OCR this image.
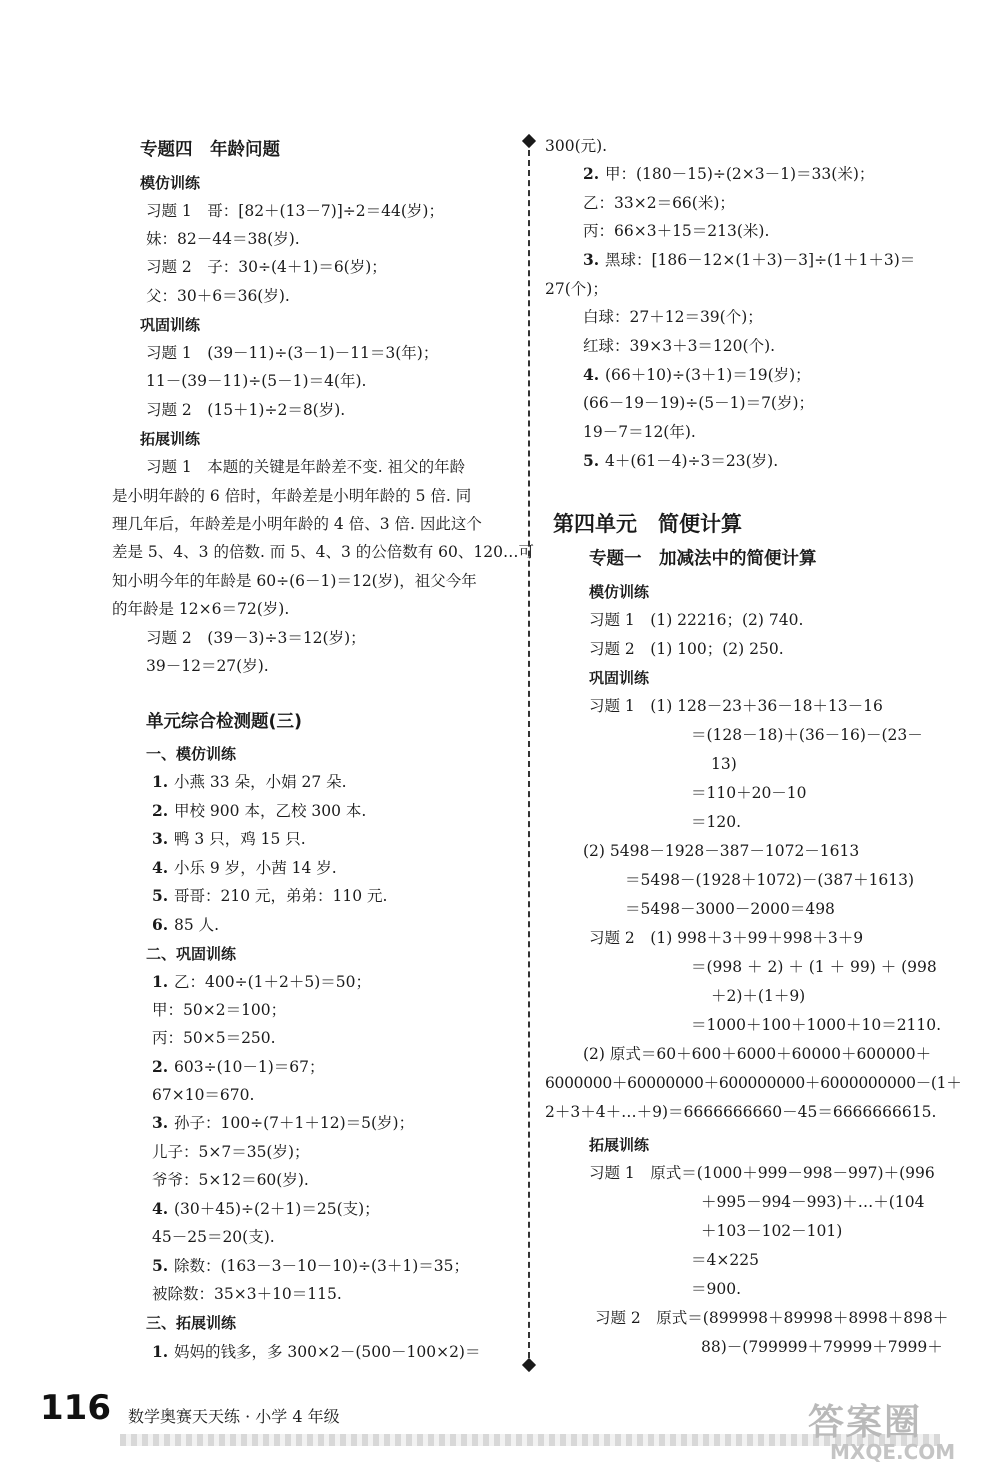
专题四　年龄问题
模仿训练
习题 1　哥：[82＋(13－7)]÷2＝44(岁)；
妹：82－44＝38(岁).
习题 2　子：30÷(4＋1)＝6(岁)；
父：30＋6＝36(岁).
巩固训练
习题 1　(39－11)÷(3－1)－11＝3(年)；
11－(39－11)÷(5－1)＝4(年).
习题 2　(15＋1)÷2＝8(岁).
拓展训练
习题 1　本题的关键是年龄差不变. 祖父的年龄
是小明年龄的 6 倍时，年龄差是小明年龄的 5 倍. 同
理几年后，年龄差是小明年龄的 4 倍、3 倍. 因此这个
差是 5、4、3 的倍数. 而 5、4、3 的公倍数有 60、120…可
知小明今年的年龄是 60÷(6－1)＝12(岁)，祖父今年
的年龄是 12×6＝72(岁).
习题 2　(39－3)÷3＝12(岁)；
39－12＝27(岁).
单元综合检测题(三)
一、模仿训练
1. 小燕 33 朵，小娟 27 朵.
2. 甲校 900 本，乙校 300 本.
3. 鸭 3 只，鸡 15 只.
4. 小乐 9 岁，小茜 14 岁.
5. 哥哥：210 元，弟弟：110 元.
6. 85 人.
二、巩固训练
1. 乙：400÷(1＋2＋5)＝50；
甲：50×2＝100；
丙：50×5＝250.
2. 603÷(10－1)＝67；
67×10＝670.
3. 孙子：100÷(7＋1＋12)＝5(岁)；
儿子：5×7＝35(岁)；
爷爷：5×12＝60(岁).
4. (30＋45)÷(2＋1)＝25(支)；
45－25＝20(支).
5. 除数：(163－3－10－10)÷(3＋1)＝35；
被除数：35×3＋10＝115.
三、拓展训练
1. 妈妈的钱多，多 300×2－(500－100×2)＝
300(元).
2. 甲：(180－15)÷(2×3－1)＝33(米)；
乙：33×2＝66(米)；
丙：66×3＋15＝213(米).
3. 黑球：[186－12×(1＋3)－3]÷(1＋1＋3)＝
27(个)；
白球：27＋12＝39(个)；
红球：39×3＋3＝120(个).
4. (66＋10)÷(3＋1)＝19(岁)；
(66－19－19)÷(5－1)＝7(岁)；
19－7＝12(年).
5. 4＋(61－4)÷3＝23(岁).
第四单元　简便计算
专题一　加减法中的简便计算
模仿训练
习题 1　(1) 22216；(2) 740.
习题 2　(1) 100；(2) 250.
巩固训练
习题 1　(1) 128－23＋36－18＋13－16
＝(128－18)＋(36－16)－(23－
13)
＝110＋20－10
＝120.
(2) 5498－1928－387－1072－1613
＝5498－(1928＋1072)－(387＋1613)
＝5498－3000－2000＝498
习题 2　(1) 998＋3＋99＋998＋3＋9
＝(998 ＋ 2) ＋ (1 ＋ 99) ＋ (998
＋2)＋(1＋9)
＝1000＋100＋1000＋10＝2110.
(2) 原式＝60＋600＋6000＋60000＋600000＋
6000000＋60000000＋600000000＋6000000000－(1＋
2＋3＋4＋…＋9)＝6666666660－45＝6666666615.
拓展训练
习题 1　原式＝(1000＋999－998－997)＋(996
＋995－994－993)＋…＋(104
＋103－102－101)
＝4×225
＝900.
习题 2　原式＝(899998＋89998＋8998＋898＋
88)－(799999＋79999＋7999＋
116 数学奥赛天天练 · 小学 4 年级	答案圈
MXQE.COM
